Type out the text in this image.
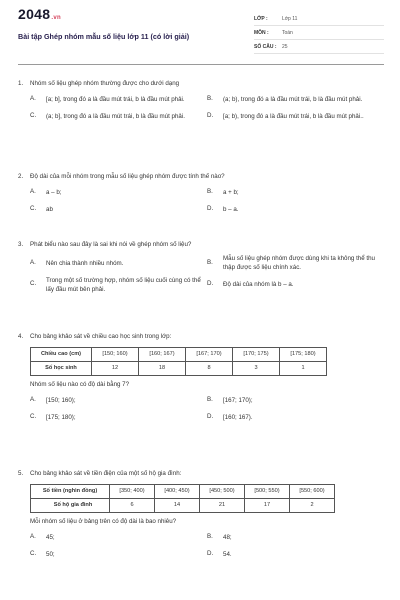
2048.vn
Bài tập Ghép nhóm mẫu số liệu lớp 11 (có lời giải)
LỚP :	Lớp 11
MÔN :	Toán
SỐ CÂU :	25
1.	Nhóm số liệu ghép nhóm thường được cho dưới dạng
A.	[a; b], trong đó a là đầu mút trái, b là đầu mút phải.	B.	(a; b), trong đó a là đầu mút trái, b là đầu mút phải.
C.	(a; b], trong đó a là đầu mút trái, b là đầu mút phải.	D.	[a; b), trong đó a là đầu mút trái, b là đầu mút phải..
2.	Độ dài của mỗi nhóm trong mẫu số liệu ghép nhóm được tính thế nào?
A.	a – b;	B.	a + b;
C.	ab	D.	b – a.
3.	Phát biểu nào sau đây là sai khi nói về ghép nhóm số liệu?
A.	Nên chia thành nhiều nhóm.	B.
Mẫu số liệu ghép nhóm được dùng khi ta không thể thu thập được số liệu chính xác.
C.
Trong một số trường hợp, nhóm số liệu cuối cùng có thể lấy đầu mút bên phải.
D.	Độ dài của nhóm là b – a.
4.	Cho bảng khảo sát về chiều cao học sinh trong lớp:
Chiều cao (cm)	[150; 160)	[160; 167)	[167; 170)	[170; 175)	[175; 180)
Số học sinh	12	18	8	3	1
Nhóm số liệu nào có độ dài bằng 7?
A.	[150; 160);	B.	[167; 170);
C.	[175; 180);	D.	[160; 167).
5.	Cho bảng khảo sát về tiền điện của một số hộ gia đình:
Số tiền (nghìn đồng)	[350; 400)	[400; 450)	[450; 500)	[500; 550)	[550; 600)
Số hộ gia đình	6	14	21	17	2
Mỗi nhóm số liệu ở bảng trên có độ dài là bao nhiêu?
A.	45;	B.	48;
C.	50;	D.	54.
